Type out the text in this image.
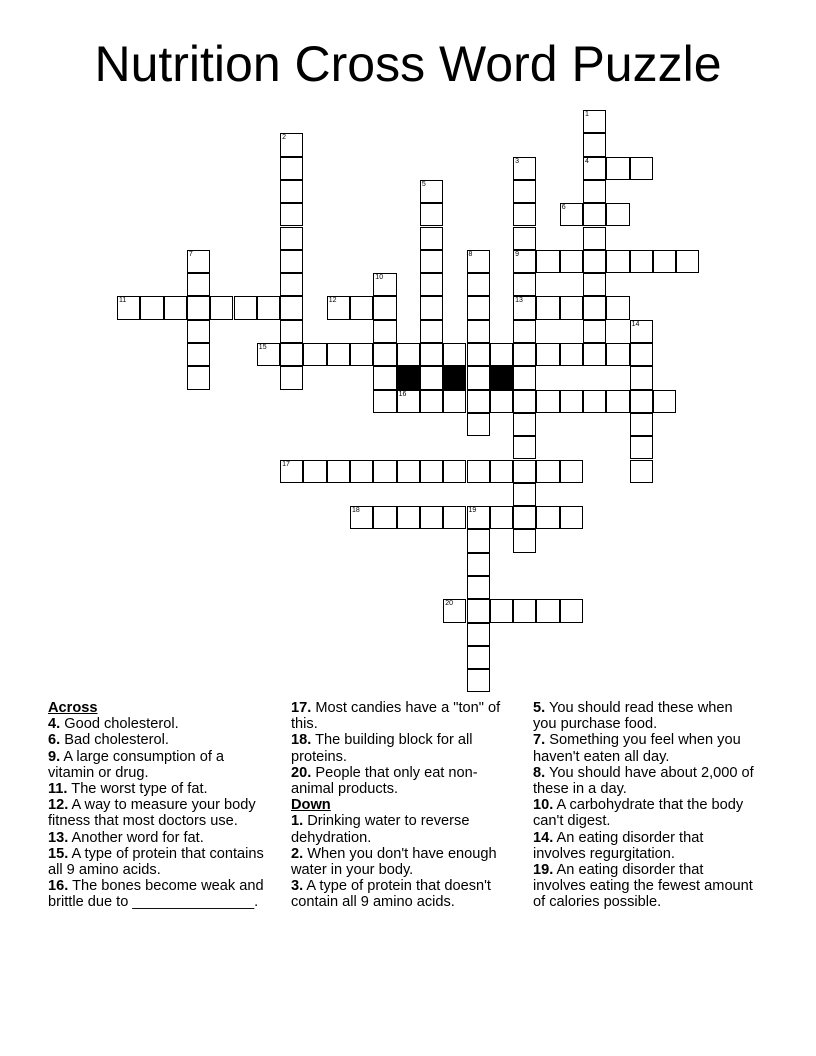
Nutrition Cross Word Puzzle
1
4
2
3
9
13
5
6
7	8
10
11	12
14
15
16
17
18	19
20

Across

4. Good cholesterol.
6. Bad cholesterol.
9. A large consumption of a vitamin or drug.
11. The worst type of fat.
12. A way to measure your body fitness that most doctors use.
13. Another word for fat.
15. A type of protein that contains all 9 amino acids.
16. The bones become weak and brittle due to _______________.
17. Most candies have a "ton" of this.
18. The building block for all proteins.
20. People that only eat non-animal products.

Down

1. Drinking water to reverse dehydration.
2. When you don't have enough water in your body.
3. A type of protein that doesn't contain all 9 amino acids.
5. You should read these when you purchase food.
7. Something you feel when you haven't eaten all day.
8. You should have about 2,000 of these in a day.
10. A carbohydrate that the body can't digest.
14. An eating disorder that involves regurgitation.
19. An eating disorder that involves eating the fewest amount of calories possible.
